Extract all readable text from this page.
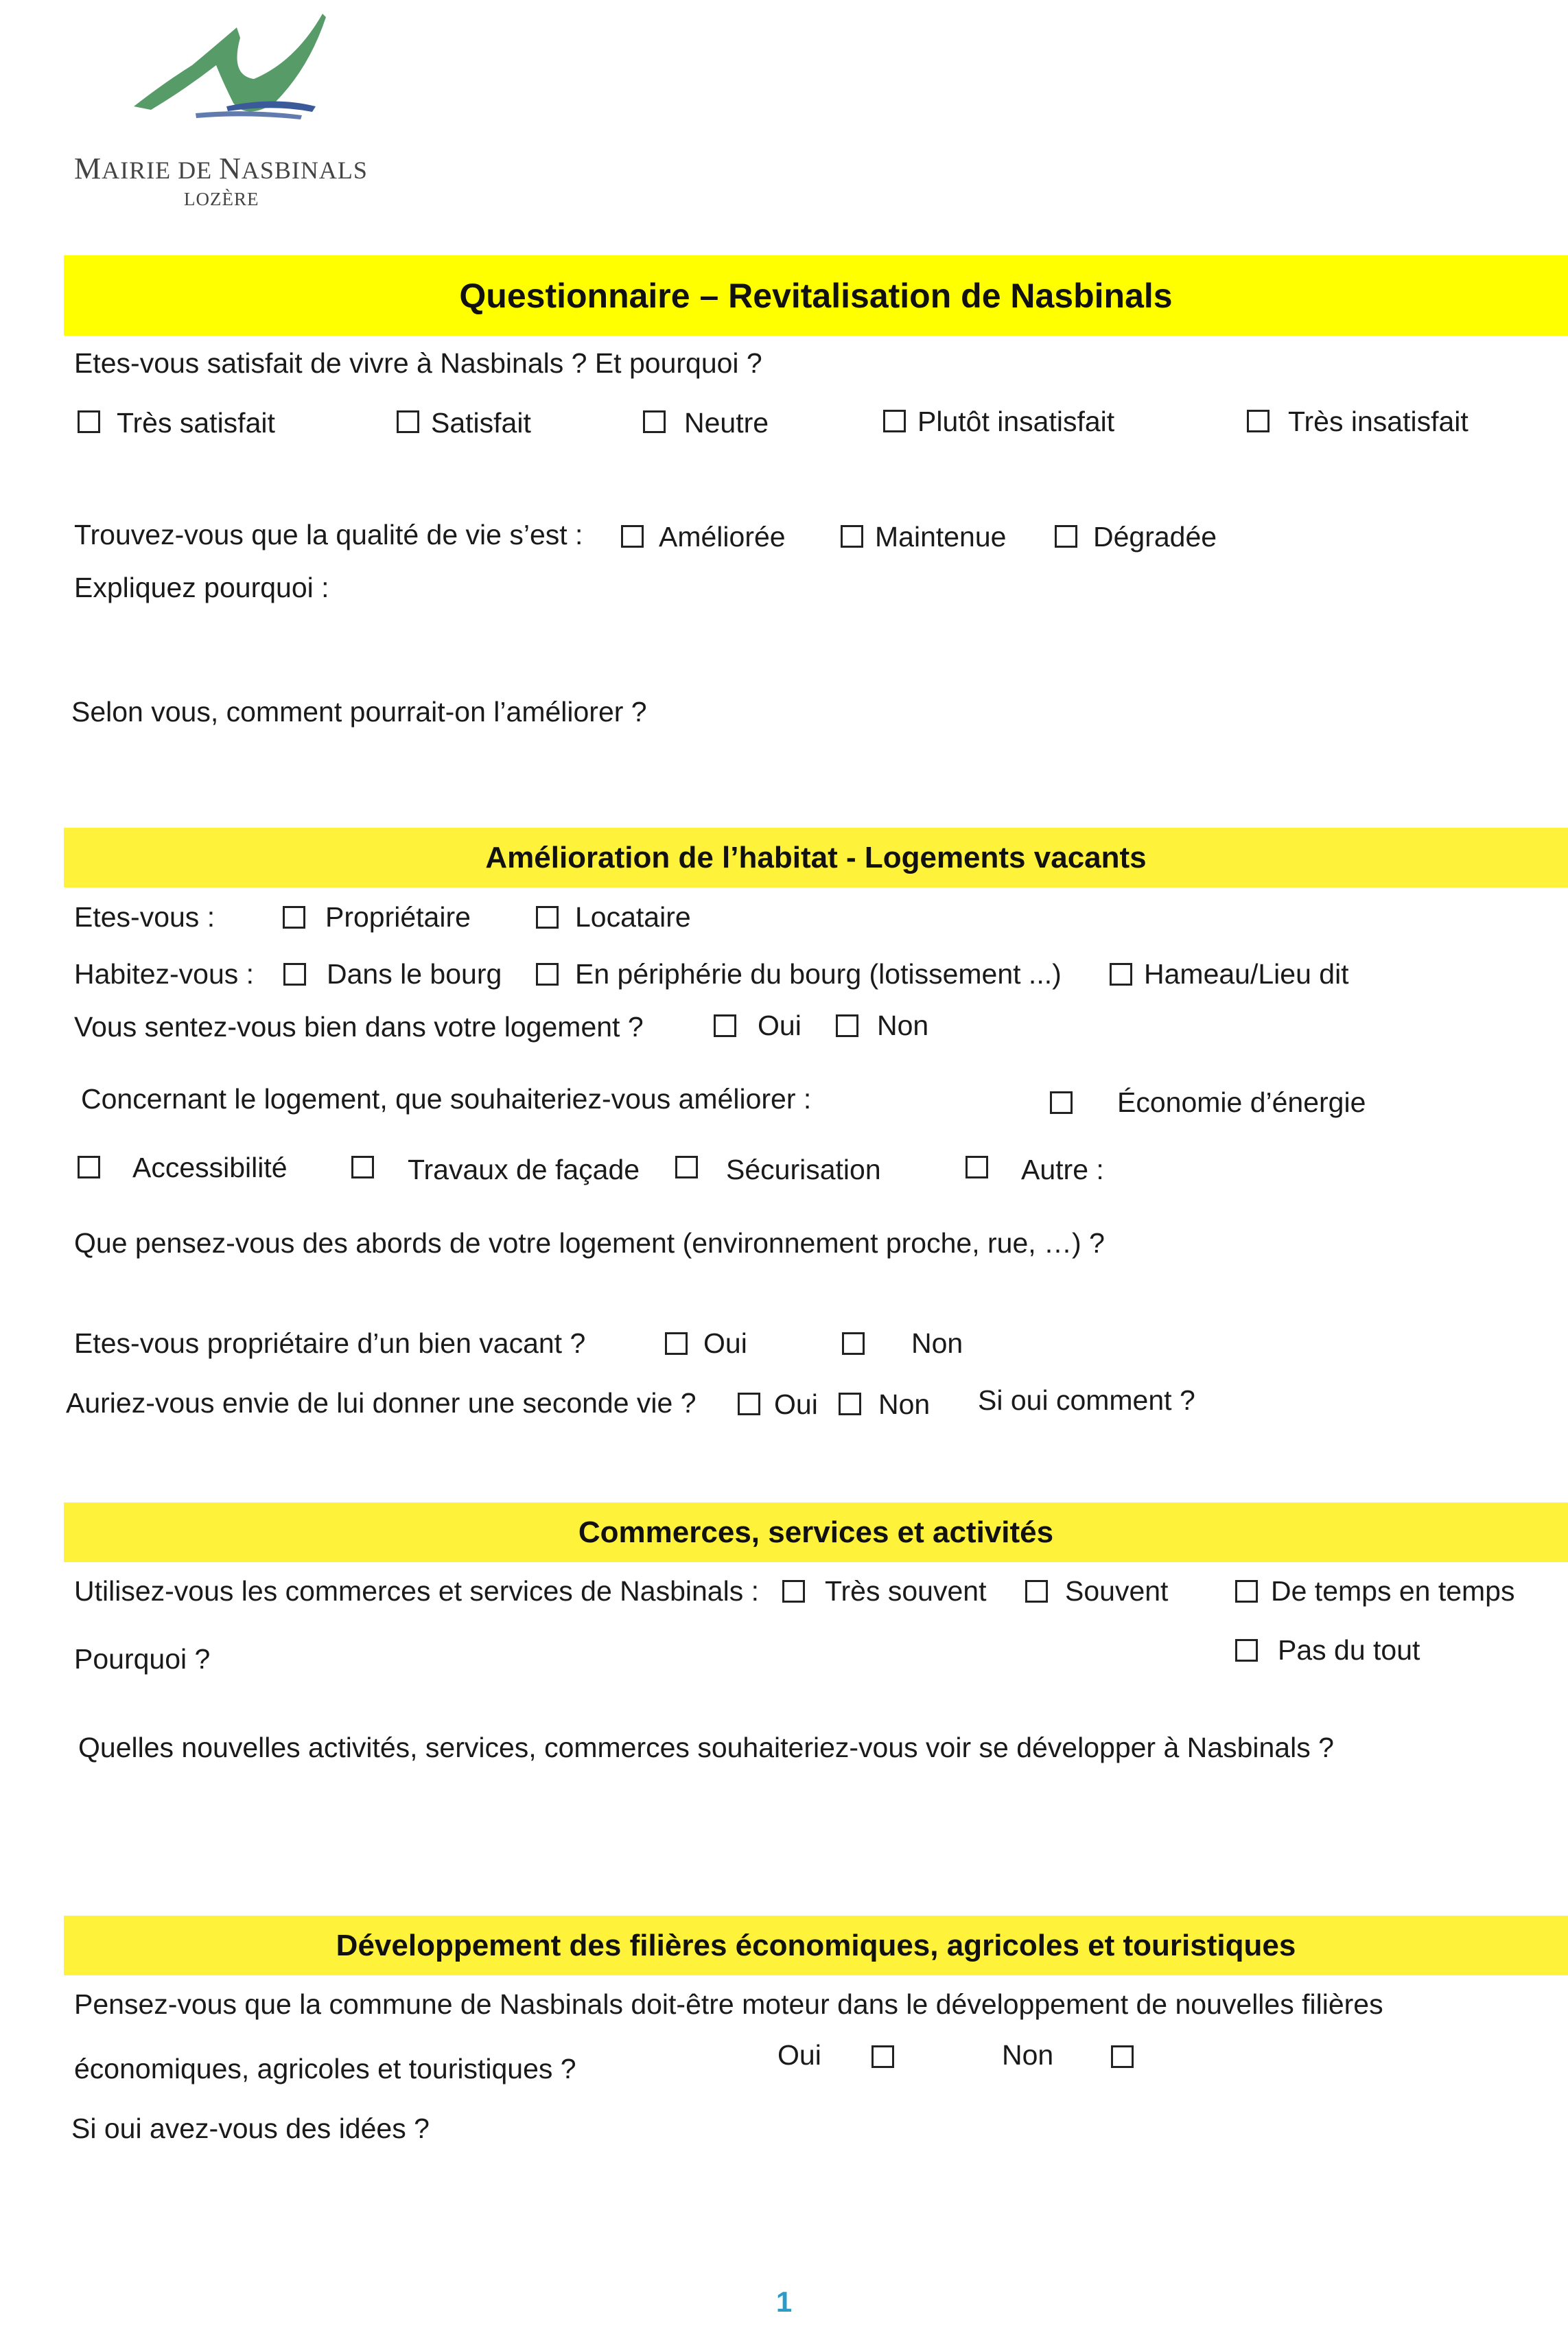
MAIRIE DE NASBINALS
LOZÈRE
Questionnaire – Revitalisation de Nasbinals
Etes-vous satisfait de vivre à Nasbinals ? Et pourquoi ?
Très satisfait	Satisfait	Neutre	Plutôt insatisfait	Très insatisfait
Trouvez-vous que la qualité de vie s’est :	Améliorée	Maintenue	Dégradée
Expliquez pourquoi :
Selon vous, comment pourrait-on l’améliorer ?
Amélioration de l’habitat - Logements vacants
Etes-vous :	Propriétaire	Locataire
Habitez-vous :	Dans le bourg	En périphérie du bourg (lotissement ...)	Hameau/Lieu dit
Vous sentez-vous bien dans votre logement ?	Oui	Non
Concernant le logement, que souhaiteriez-vous améliorer :	Économie d’énergie
Accessibilité	Travaux de façade	Sécurisation	Autre :
Que pensez-vous des abords de votre logement (environnement proche, rue, …) ?
Etes-vous propriétaire d’un bien vacant ?	Oui	Non
Auriez-vous envie de lui donner une seconde vie ?	Oui Non Si oui comment ?
Commerces, services et activités
Utilisez-vous les commerces et services de Nasbinals : Très souvent	Souvent	De temps en temps
Pas du tout
Pourquoi ?
Quelles nouvelles activités, services, commerces souhaiteriez-vous voir se développer à Nasbinals ?
Développement des filières économiques, agricoles et touristiques
Pensez-vous que la commune de Nasbinals doit-être moteur dans le développement de nouvelles filières
économiques, agricoles et touristiques ?	Oui	Non
Si oui avez-vous des idées ?
1
